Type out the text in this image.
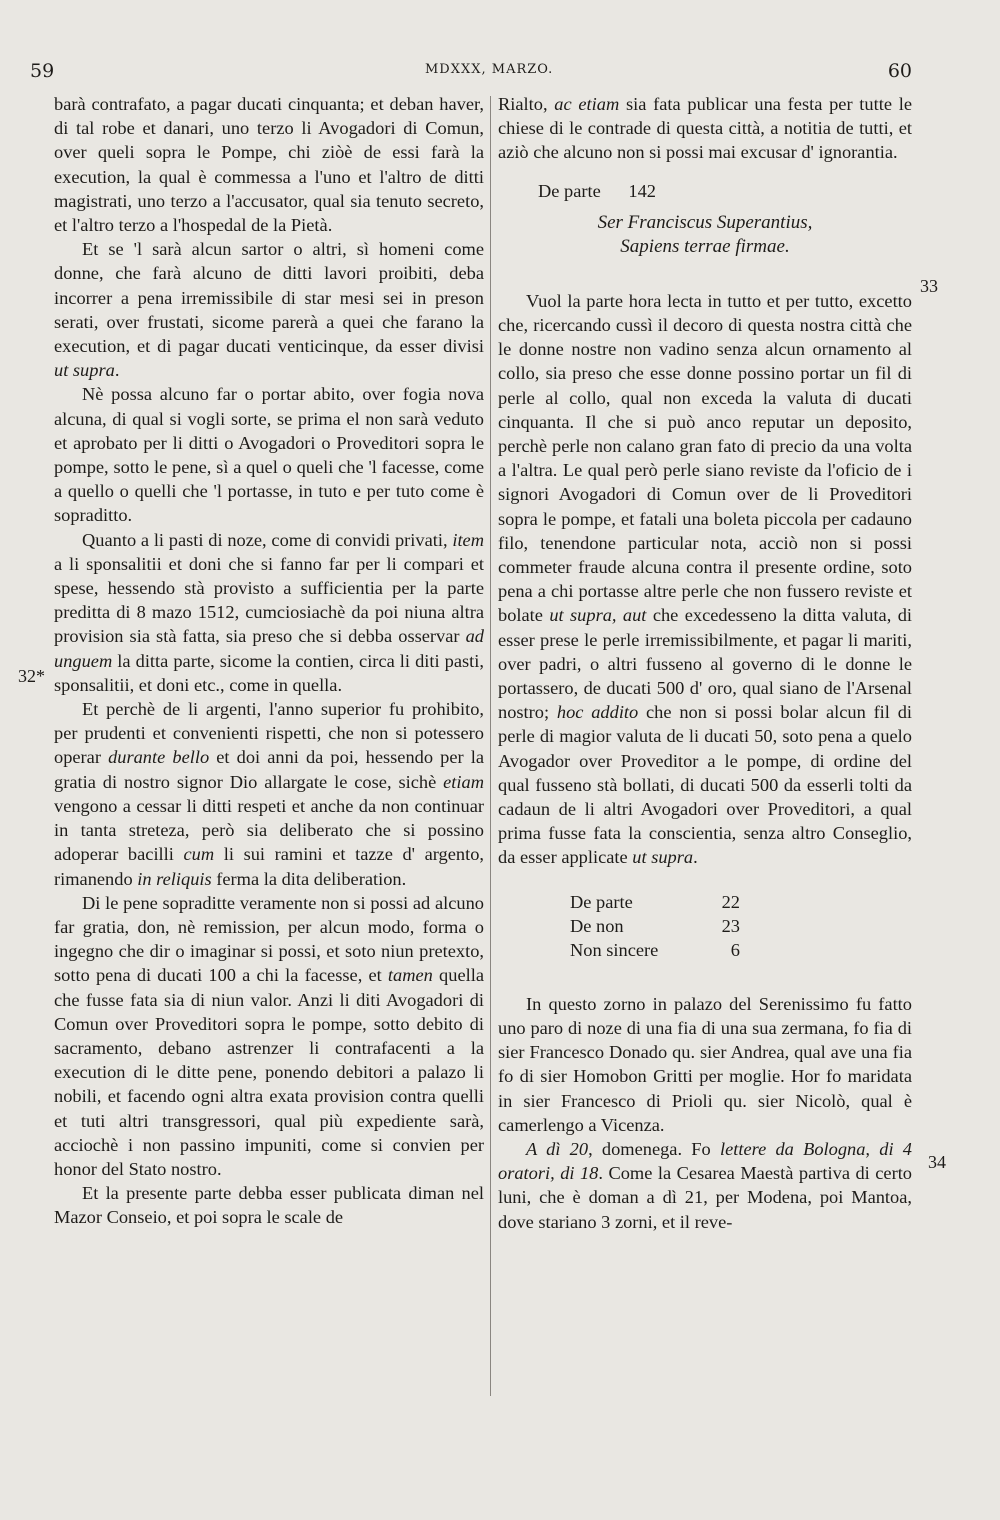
59	MDXXX, MARZO.	60
32*
33
34

barà contrafato, a pagar ducati cinquanta; et deban haver, di tal robe et danari, uno terzo li Avogadori di Comun, over queli sopra le Pompe, chi ziòè de essi farà la execution, la qual è commessa a l'uno et l'altro de ditti magistrati, uno terzo a l'accusator, qual sia tenuto secreto, et l'altro terzo a l'hospedal de la Pietà.

Et se 'l sarà alcun sartor o altri, sì homeni come donne, che farà alcuno de ditti lavori proibiti, deba incorrer a pena irremissibile di star mesi sei in preson serati, over frustati, sicome parerà a quei che farano la execution, et di pagar ducati venticinque, da esser divisi ut supra.

Nè possa alcuno far o portar abito, over fogia nova alcuna, di qual si vogli sorte, se prima el non sarà veduto et aprobato per li ditti o Avogadori o Proveditori sopra le pompe, sotto le pene, sì a quel o queli che 'l facesse, come a quello o quelli che 'l portasse, in tuto e per tuto come è sopraditto.

Quanto a li pasti di noze, come di convidi privati, item a li sponsalitii et doni che si fanno far per li compari et spese, hessendo stà provisto a sufficientia per la parte preditta di 8 mazo 1512, cumciosiachè da poi niuna altra provision sia stà fatta, sia preso che si debba osservar ad unguem la ditta parte, sicome la contien, circa li diti pasti, sponsalitii, et doni etc., come in quella.

Et perchè de li argenti, l'anno superior fu prohibito, per prudenti et convenienti rispetti, che non si potessero operar durante bello et doi anni da poi, hessendo per la gratia di nostro signor Dio allargate le cose, sichè etiam vengono a cessar li ditti respeti et anche da non continuar in tanta streteza, però sia deliberato che si possino adoperar bacilli cum li sui ramini et tazze d' argento, rimanendo in reliquis ferma la dita deliberation.

Di le pene sopraditte veramente non si possi ad alcuno far gratia, don, nè remission, per alcun modo, forma o ingegno che dir o imaginar si possi, et soto niun pretexto, sotto pena di ducati 100 a chi la facesse, et tamen quella che fusse fata sia di niun valor. Anzi li diti Avogadori di Comun over Proveditori sopra le pompe, sotto debito di sacramento, debano astrenzer li contrafacenti a la execution di le ditte pene, ponendo debitori a palazo li nobili, et facendo ogni altra exata provision contra quelli et tuti altri transgressori, qual più expediente sarà, acciochè i non passino impuniti, come si convien per honor del Stato nostro.

Et la presente parte debba esser publicata diman nel Mazor Conseio, et poi sopra le scale de

Rialto, ac etiam sia fata publicar una festa per tutte le chiese di le contrade di questa città, a notitia de tutti, et aziò che alcuno non si possi mai excusar d' ignorantia.

De parte 142

Ser Franciscus Superantius,
Sapiens terrae firmae.

Vuol la parte hora lecta in tutto et per tutto, excetto che, ricercando cussì il decoro di questa nostra città che le donne nostre non vadino senza alcun ornamento al collo, sia preso che esse donne possino portar un fil di perle al collo, qual non exceda la valuta di ducati cinquanta. Il che si può anco reputar un deposito, perchè perle non calano gran fato di precio da una volta a l'altra. Le qual però perle siano reviste da l'oficio de i signori Avogadori di Comun over de li Proveditori sopra le pompe, et fatali una boleta piccola per cadauno filo, tenendone particular nota, acciò non si possi commeter fraude alcuna contra il presente ordine, soto pena a chi portasse altre perle che non fussero reviste et bolate ut supra, aut che excedesseno la ditta valuta, di esser prese le perle irremissibilmente, et pagar li mariti, over padri, o altri fusseno al governo di le donne le portassero, de ducati 500 d' oro, qual siano de l'Arsenal nostro; hoc addito che non si possi bolar alcun fil di perle di magior valuta de li ducati 50, soto pena a quelo Avogador over Proveditor a le pompe, di ordine del qual fusseno stà bollati, di ducati 500 da esserli tolti da cadaun de li altri Avogadori over Proveditori, a qual prima fusse fata la conscientia, senza altro Conseglio, da esser applicate ut supra.

De parte	22
De non	23
Non sincere	6

In questo zorno in palazo del Serenissimo fu fatto uno paro di noze di una fia di una sua zermana, fo fia di sier Francesco Donado qu. sier Andrea, qual ave una fia fo di sier Homobon Gritti per moglie. Hor fo maridata in sier Francesco di Prioli qu. sier Nicolò, qual è camerlengo a Vicenza.

A dì 20, domenega. Fo lettere da Bologna, di 4 oratori, di 18. Come la Cesarea Maestà partiva di certo luni, che è doman a dì 21, per Modena, poi Mantoa, dove stariano 3 zorni, et il reve-
